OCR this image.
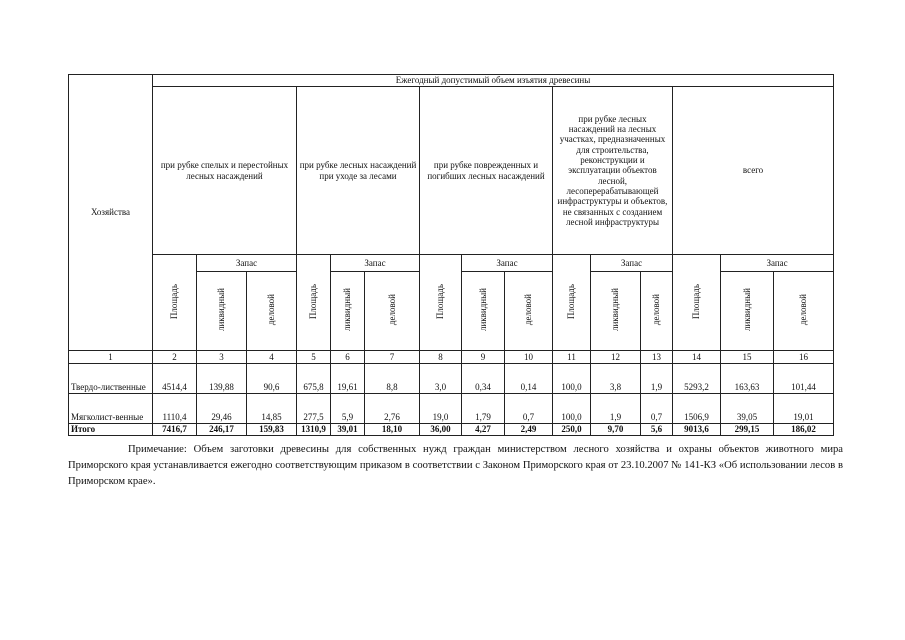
Хозяйства	Ежегодный допустимый объем изъятия древесины														
	при рубке спелых и перестойных лесных насаждений			при рубке лесных насаждений при уходе за лесами			при рубке поврежденных и погибших лесных насаждений			при рубке лесных насаждений на лесных участках, предназначенных для строительства, реконструкции и эксплуатации объектов лесной, лесоперерабатывающей инфраструктуры и объектов, не связанных с созданием лесной инфраструктуры			всего		
	Площадь	Запас		Площадь	Запас		Площадь	Запас		Площадь	Запас		Площадь	Запас	
		ликвидный	деловой		ликвидный	деловой		ликвидный	деловой		ликвидный	деловой		ликвидный	деловой
1	2	3	4	5	6	7	8	9	10	11	12	13	14	15	16
Твердо-лиственные	4514,4	139,88	90,6	675,8	19,61	8,8	3,0	0,34	0,14	100,0	3,8	1,9	5293,2	163,63	101,44
Мягколист-венные	1110,4	29,46	14,85	277,5	5,9	2,76	19,0	1,79	0,7	100,0	1,9	0,7	1506,9	39,05	19,01
Итого	7416,7	246,17	159,83	1310,9	39,01	18,10	36,00	4,27	2,49	250,0	9,70	5,6	9013,6	299,15	186,02

Примечание: Объем заготовки древесины для собственных нужд граждан министерством лесного хозяйства и охраны объектов животного мира Приморского края устанавливается ежегодно соответствующим приказом в соответствии с Законом Приморского края от 23.10.2007 № 141-КЗ «Об использовании лесов в Приморском крае».
